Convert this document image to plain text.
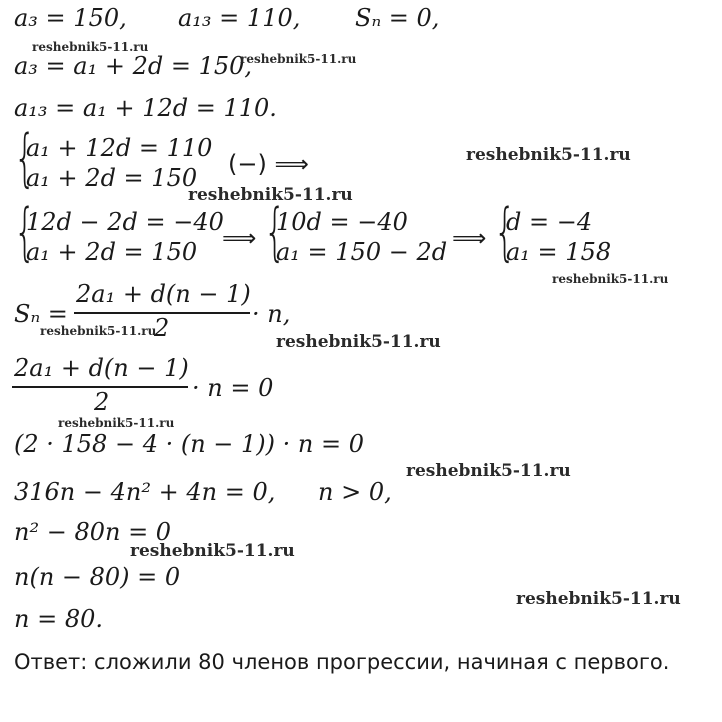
a₃ = 150, a₁₃ = 110, Sₙ = 0,
a₃ = a₁ + 2d = 150,
a₁₃ = a₁ + 12d = 110.
{
a₁ + 12d = 110
a₁ + 2d = 150 (−) ⟹
{
12d − 2d = −40
a₁ + 2d = 150 ⟹ {
10d = −40
a₁ = 150 − 2d ⟹ {
d = −4
a₁ = 158
Sₙ =
2a₁ + d(n − 1)
2	· n,
2a₁ + d(n − 1)
2	· n = 0
(2 · 158 − 4 · (n − 1)) · n = 0
316n − 4n² + 4n = 0, n > 0,
n² − 80n = 0
n(n − 80) = 0
n = 80.
Ответ: сложили 80 членов прогрессии, начиная с первого.
reshebnik5-11.ru
reshebnik5-11.ru
reshebnik5-11.ru
reshebnik5-11.ru
reshebnik5-11.ru
reshebnik5-11.ru
reshebnik5-11.ru
reshebnik5-11.ru
reshebnik5-11.ru
reshebnik5-11.ru
reshebnik5-11.ru
